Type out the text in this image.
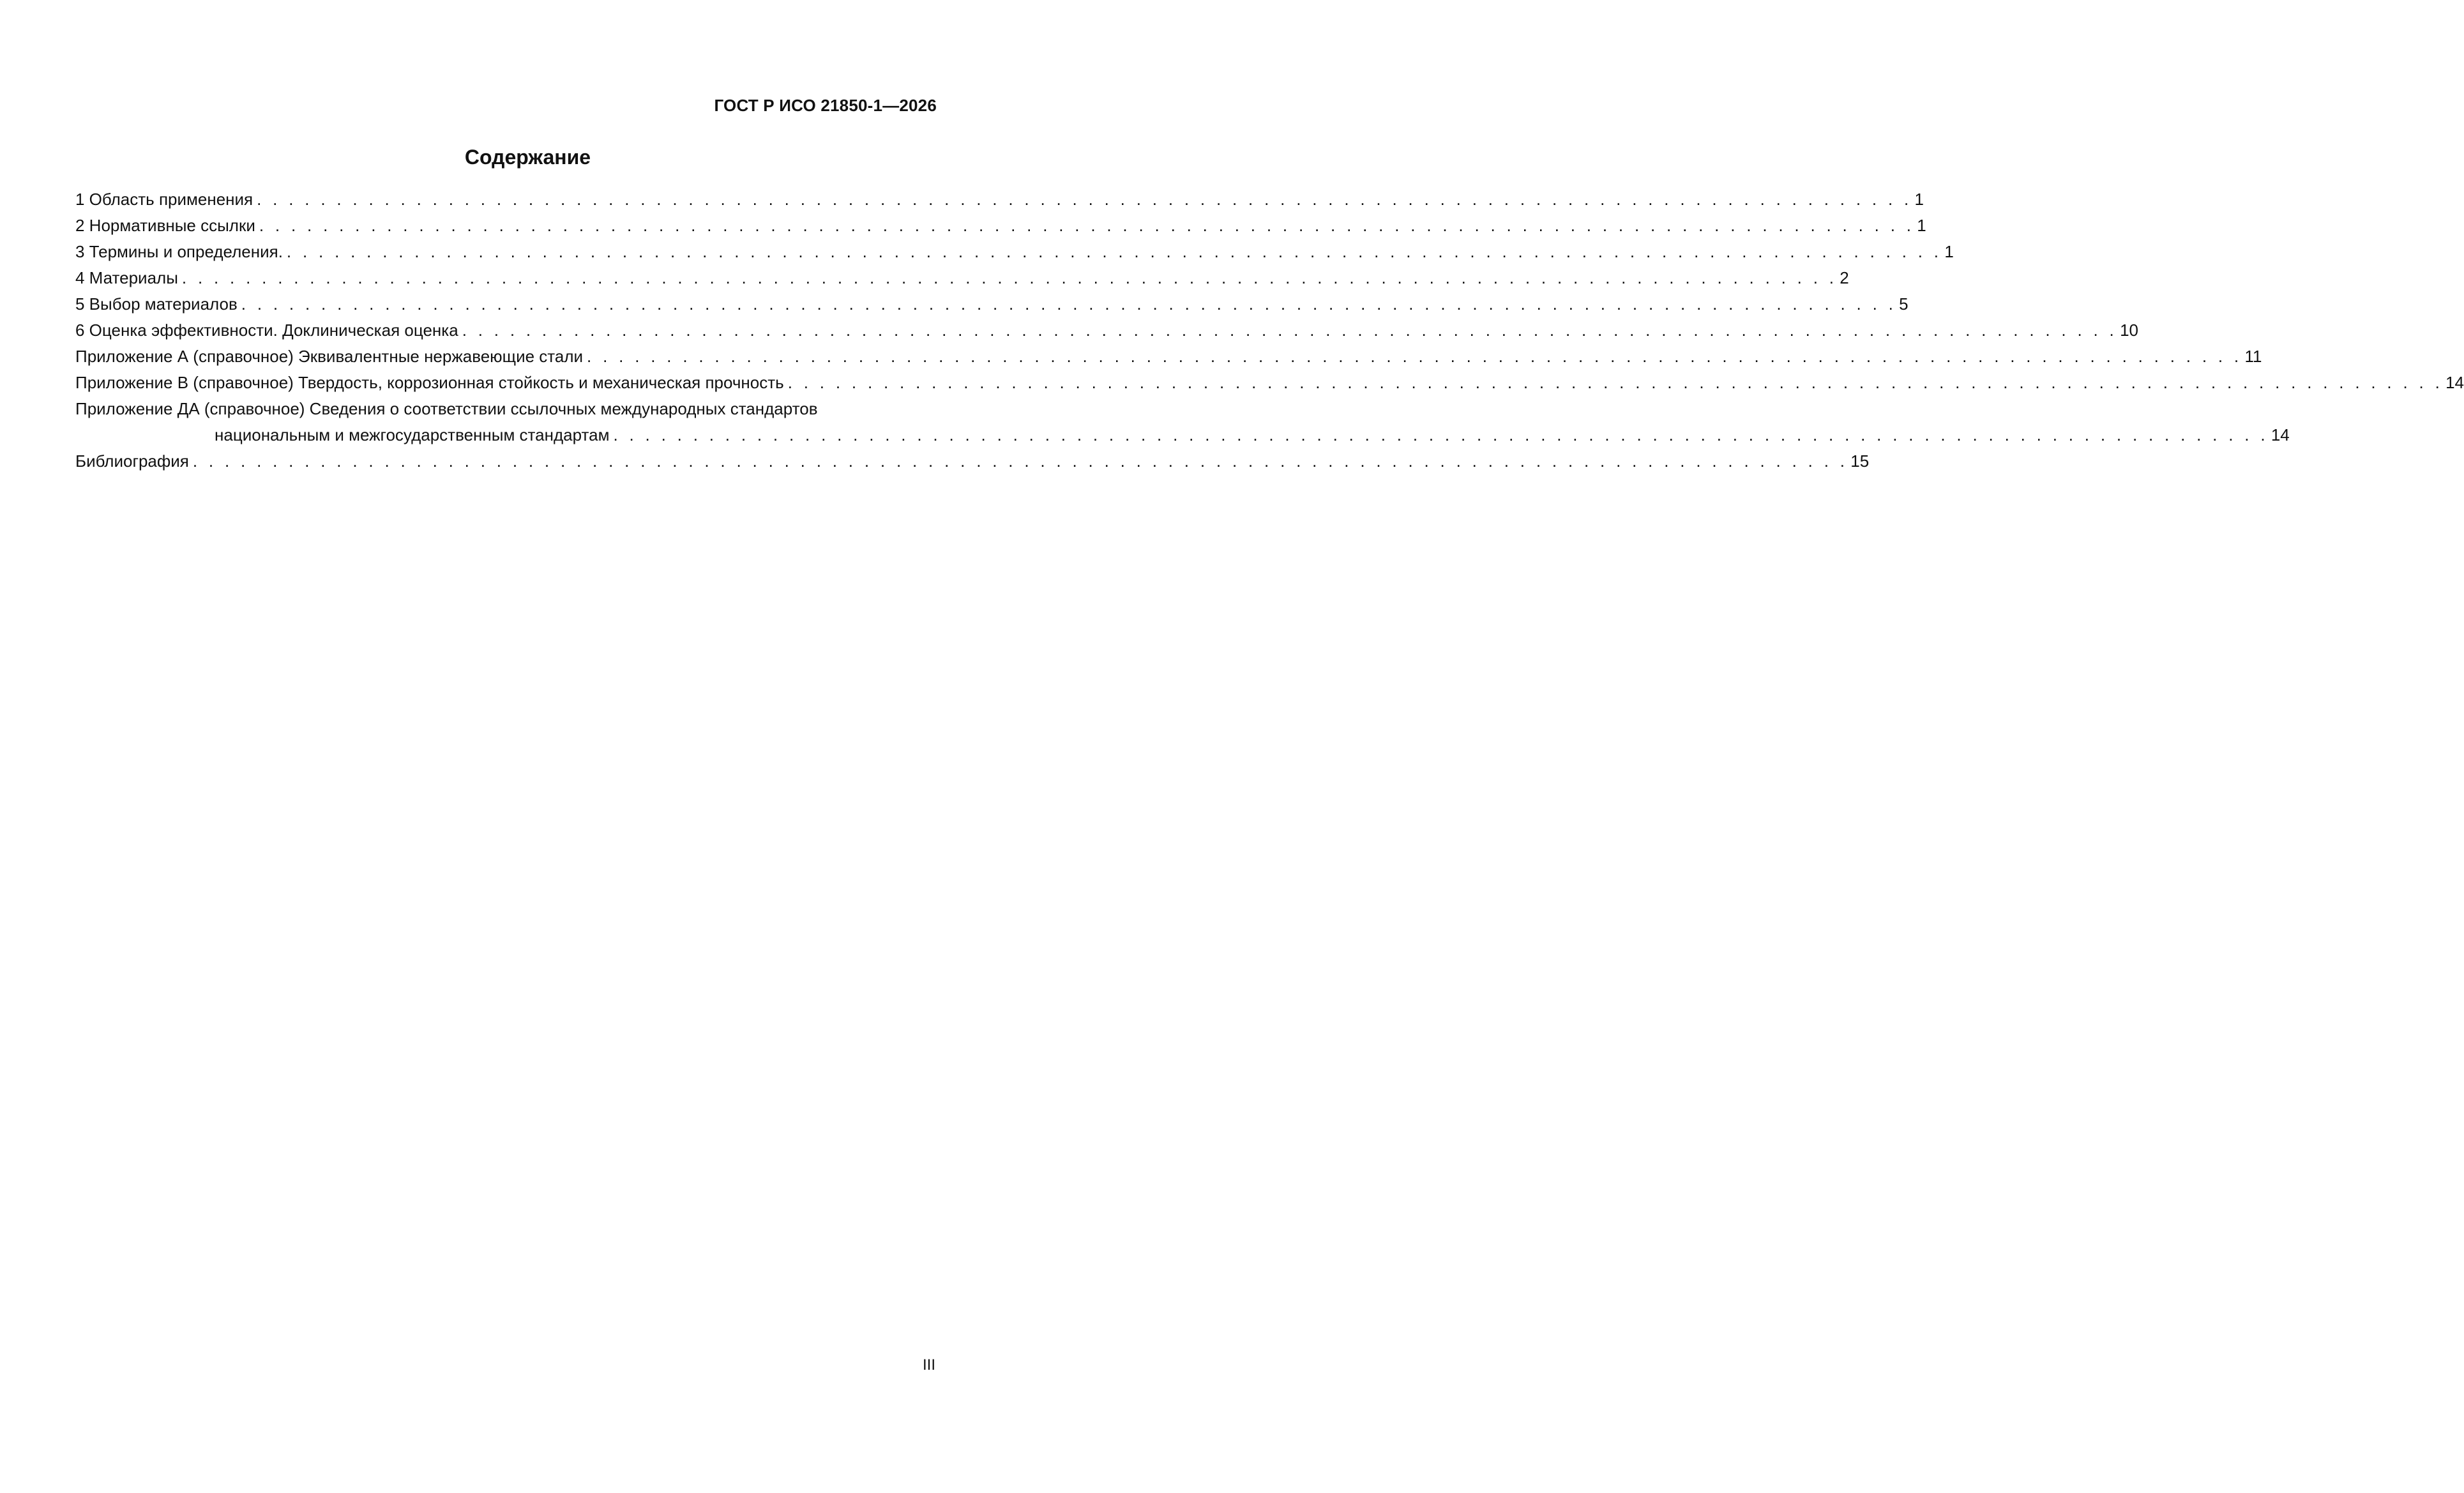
ГОСТ Р ИСО 21850-1—2026
Содержание
1 Область применения . . . . . . . . . . . . . . . . . . . . . . . . . . . . . . . . . . . . . . . . . . . . . . . . . . . . . . . . . . . . . . . . . . . . . . . . . . . . . . . . . . . . . . . . . . . . . . . . . . . . . . . . 1
2 Нормативные ссылки . . . . . . . . . . . . . . . . . . . . . . . . . . . . . . . . . . . . . . . . . . . . . . . . . . . . . . . . . . . . . . . . . . . . . . . . . . . . . . . . . . . . . . . . . . . . . . . . . . . . . . . . 1
3 Термины и определения. . . . . . . . . . . . . . . . . . . . . . . . . . . . . . . . . . . . . . . . . . . . . . . . . . . . . . . . . . . . . . . . . . . . . . . . . . . . . . . . . . . . . . . . . . . . . . . . . . . . . . . . . 1
4 Материалы . . . . . . . . . . . . . . . . . . . . . . . . . . . . . . . . . . . . . . . . . . . . . . . . . . . . . . . . . . . . . . . . . . . . . . . . . . . . . . . . . . . . . . . . . . . . . . . . . . . . . . . . 2
5 Выбор материалов . . . . . . . . . . . . . . . . . . . . . . . . . . . . . . . . . . . . . . . . . . . . . . . . . . . . . . . . . . . . . . . . . . . . . . . . . . . . . . . . . . . . . . . . . . . . . . . . . . . . . . . . 5
6 Оценка эффективности. Доклиническая оценка . . . . . . . . . . . . . . . . . . . . . . . . . . . . . . . . . . . . . . . . . . . . . . . . . . . . . . . . . . . . . . . . . . . . . . . . . . . . . . . . . . . . . . . . . . . . . . . . . . . . . . . . 10
Приложение А (справочное) Эквивалентные нержавеющие стали . . . . . . . . . . . . . . . . . . . . . . . . . . . . . . . . . . . . . . . . . . . . . . . . . . . . . . . . . . . . . . . . . . . . . . . . . . . . . . . . . . . . . . . . . . . . . . . . . . . . . . . . 11
Приложение В (справочное) Твердость, коррозионная стойкость и механическая прочность . . . . . . . . . . . . . . . . . . . . . . . . . . . . . . . . . . . . . . . . . . . . . . . . . . . . . . . . . . . . . . . . . . . . . . . . . . . . . . . . . . . . . . . . . . . . . . . . . . . . . . . . 14
Приложение ДА (справочное) Сведения о соответствии ссылочных международных стандартов
национальным и межгосударственным стандартам . . . . . . . . . . . . . . . . . . . . . . . . . . . . . . . . . . . . . . . . . . . . . . . . . . . . . . . . . . . . . . . . . . . . . . . . . . . . . . . . . . . . . . . . . . . . . . . . . . . . . . . . 14
Библиография . . . . . . . . . . . . . . . . . . . . . . . . . . . . . . . . . . . . . . . . . . . . . . . . . . . . . . . . . . . . . . . . . . . . . . . . . . . . . . . . . . . . . . . . . . . . . . . . . . . . . . . . 15
III
